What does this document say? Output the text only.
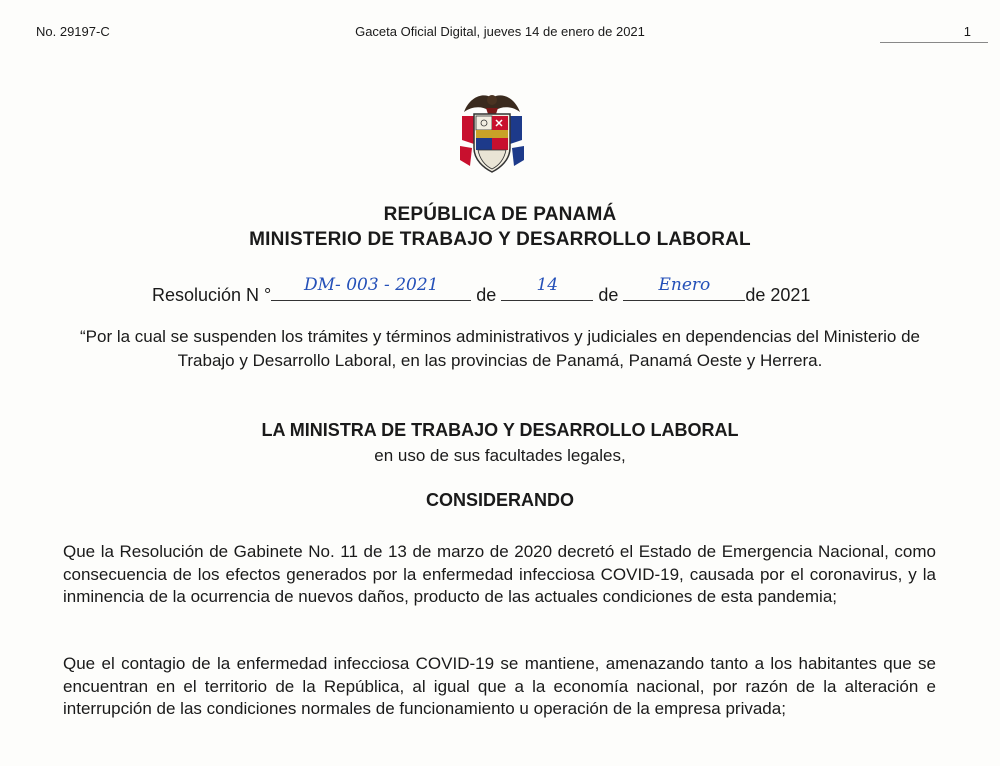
No. 29197-C	Gaceta Oficial Digital, jueves 14 de enero de 2021	1
REPÚBLICA DE PANAMÁ
MINISTERIO DE TRABAJO Y DESARROLLO LABORAL
Resolución N °	DM- 003 - 2021	de	14	de	Enero	de 2021
“Por la cual se suspenden los trámites y términos administrativos y judiciales en dependencias del Ministerio de Trabajo y Desarrollo Laboral, en las provincias de Panamá, Panamá Oeste y Herrera.
LA MINISTRA DE TRABAJO Y DESARROLLO LABORAL
en uso de sus facultades legales,
CONSIDERANDO
Que la Resolución de Gabinete No. 11 de 13 de marzo de 2020 decretó el Estado de Emergencia Nacional, como consecuencia de los efectos generados por la enfermedad infecciosa COVID-19, causada por el coronavirus, y la inminencia de la ocurrencia de nuevos daños, producto de las actuales condiciones de esta pandemia;
Que el contagio de la enfermedad infecciosa COVID-19 se mantiene, amenazando tanto a los habitantes que se encuentran en el territorio de la República, al igual que a la economía nacional, por razón de la alteración e interrupción de las condiciones normales de funcionamiento u operación de la empresa privada;
